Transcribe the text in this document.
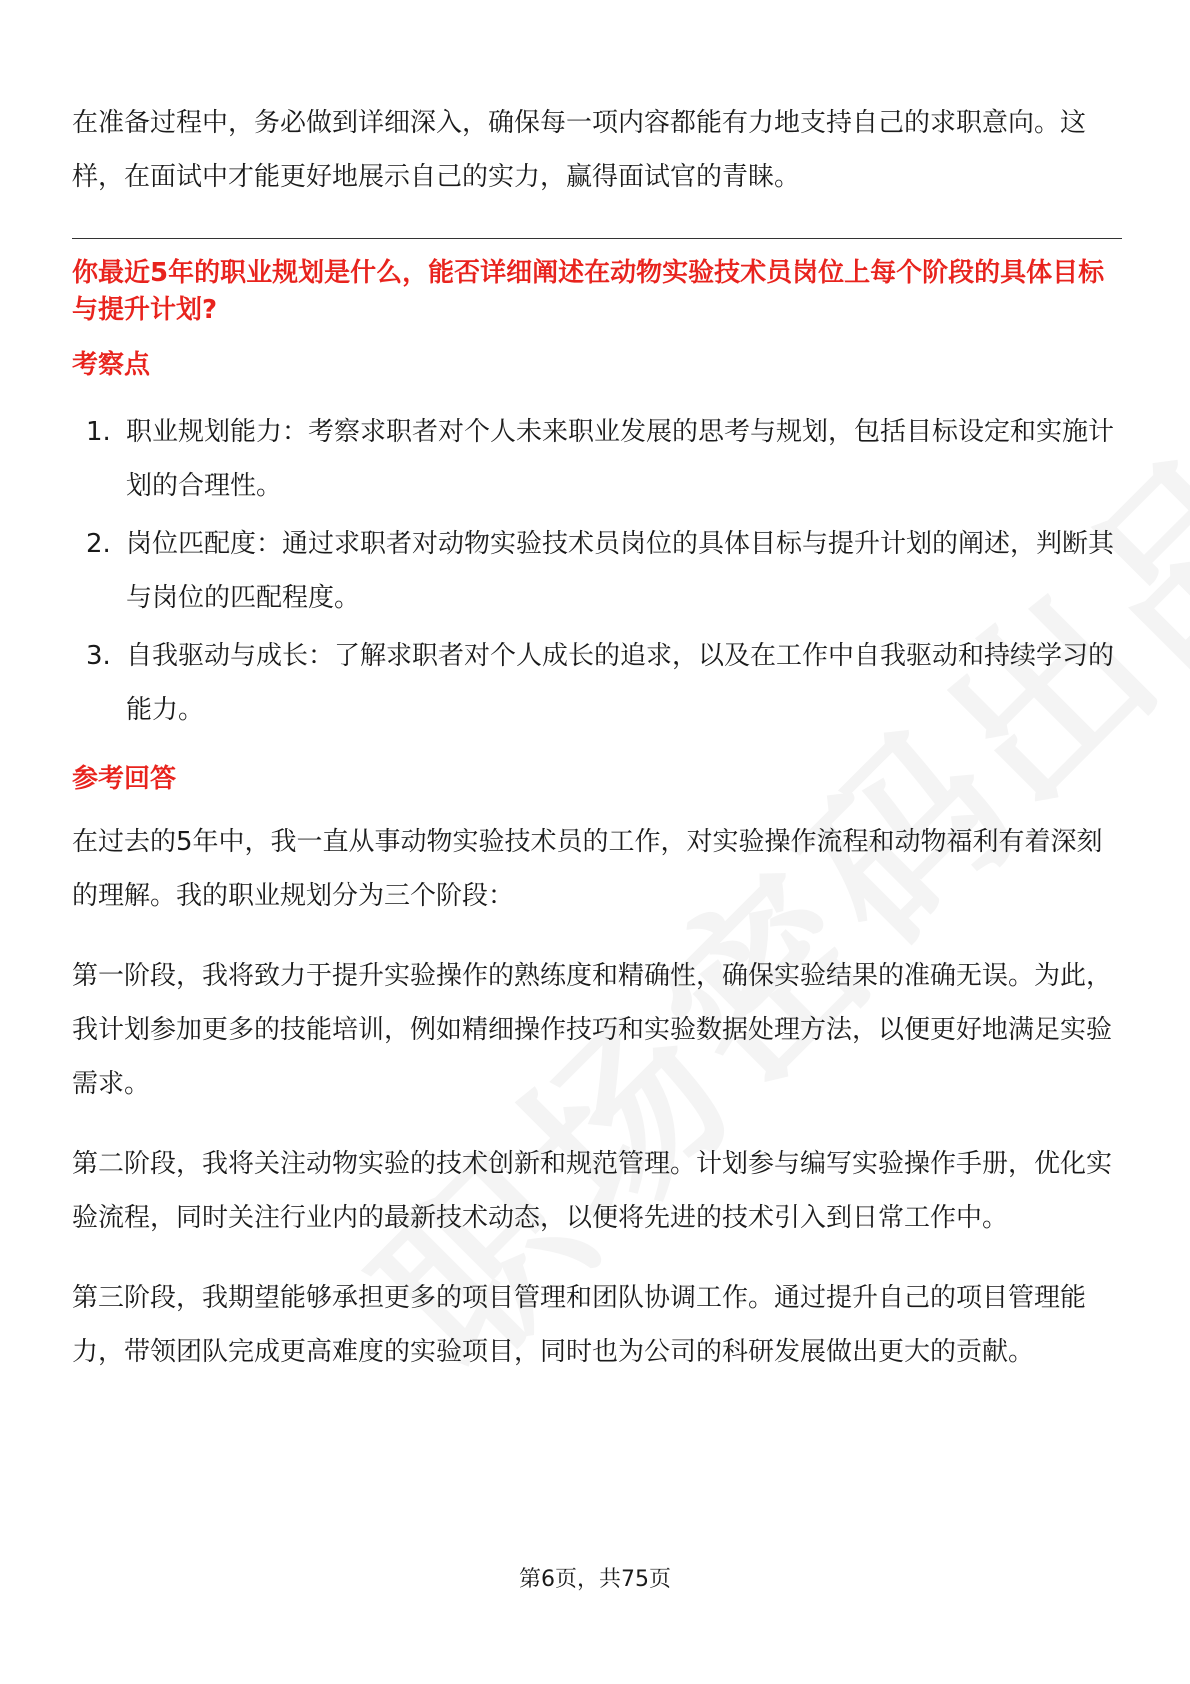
在准备过程中，务必做到详细深入，确保每一项内容都能有力地支持自己的求职意向。这样，在面试中才能更好地展示自己的实力，赢得面试官的青睐。

你最近5年的职业规划是什么，能否详细阐述在动物实验技术员岗位上每个阶段的具体目标与提升计划?
考察点
1. 职业规划能力：考察求职者对个人未来职业发展的思考与规划，包括目标设定和实施计划的合理性。
2. 岗位匹配度：通过求职者对动物实验技术员岗位的具体目标与提升计划的阐述，判断其与岗位的匹配程度。
3. 自我驱动与成长：了解求职者对个人成长的追求，以及在工作中自我驱动和持续学习的能力。
参考回答

在过去的5年中，我一直从事动物实验技术员的工作，对实验操作流程和动物福利有着深刻的理解。我的职业规划分为三个阶段：

第一阶段，我将致力于提升实验操作的熟练度和精确性，确保实验结果的准确无误。为此，我计划参加更多的技能培训，例如精细操作技巧和实验数据处理方法，以便更好地满足实验需求。

第二阶段，我将关注动物实验的技术创新和规范管理。计划参与编写实验操作手册，优化实验流程，同时关注行业内的最新技术动态，以便将先进的技术引入到日常工作中。

第三阶段，我期望能够承担更多的项目管理和团队协调工作。通过提升自己的项目管理能力，带领团队完成更高难度的实验项目，同时也为公司的科研发展做出更大的贡献。

第6页，共75页
